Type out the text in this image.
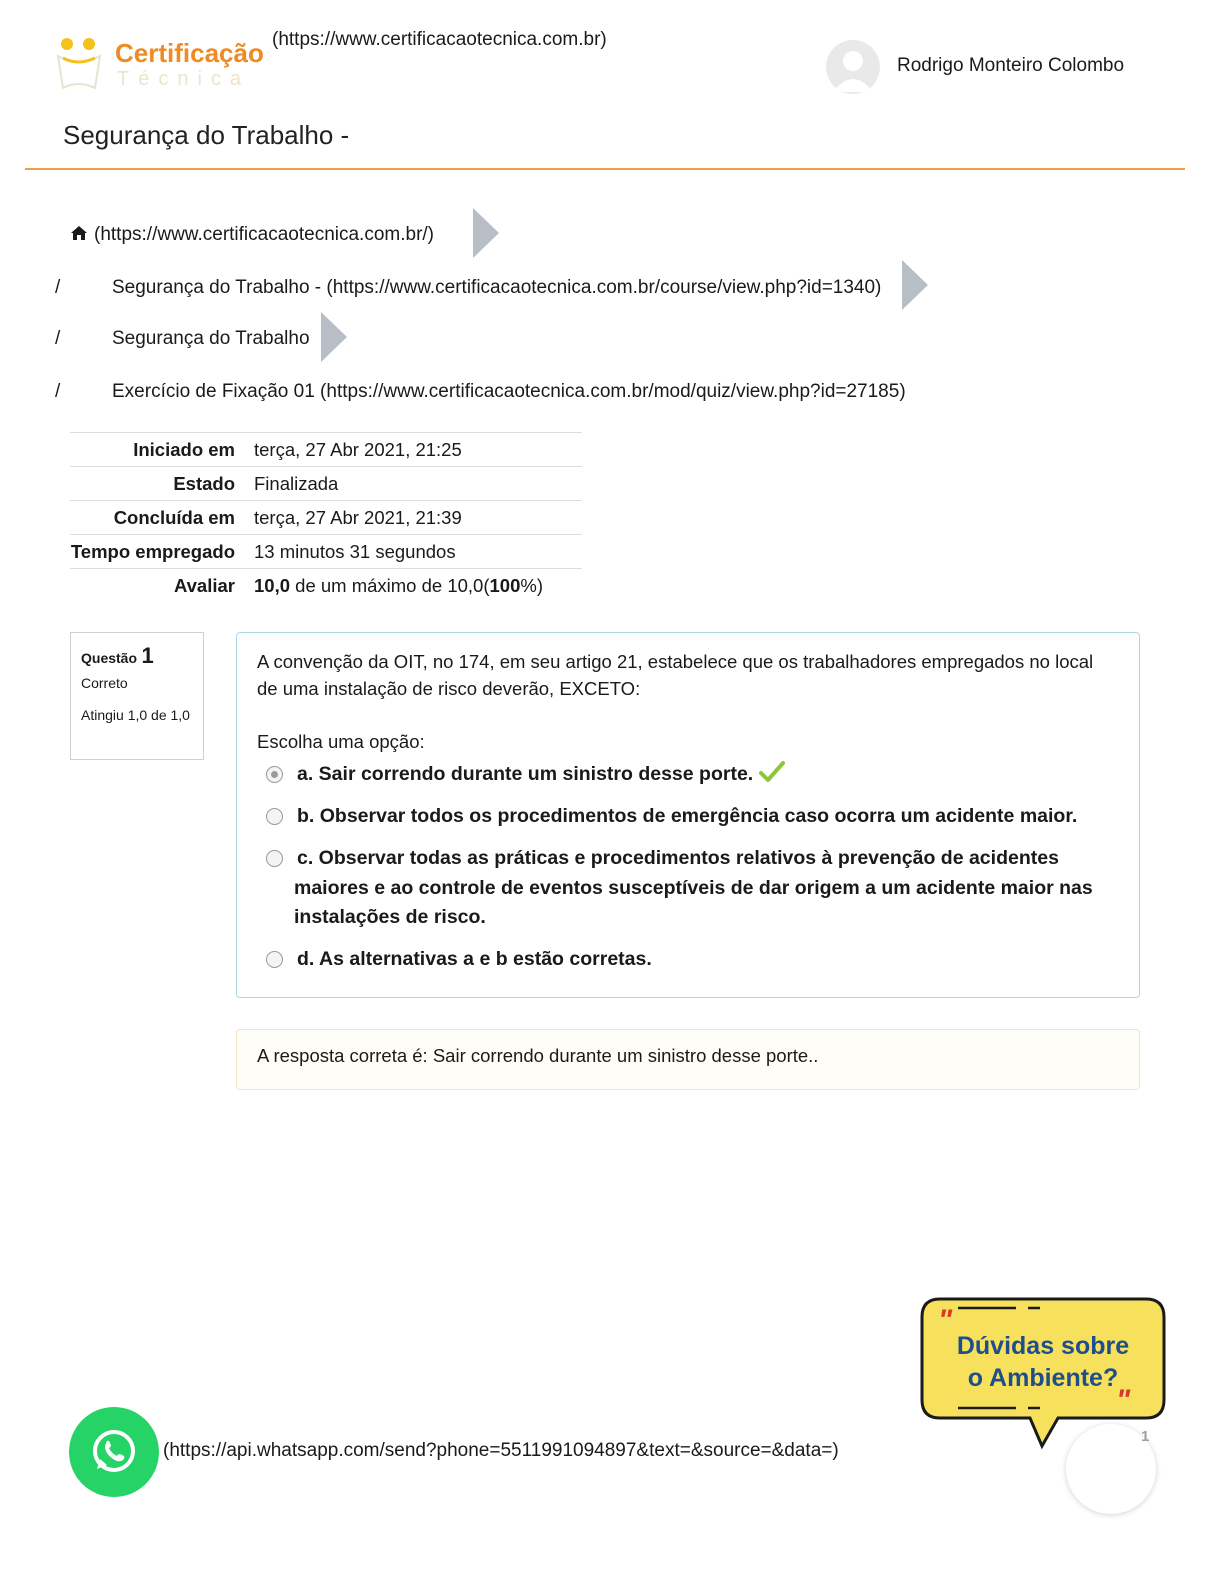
Certificação
Técnica
(https://www.certificacaotecnica.com.br)
Rodrigo Monteiro Colombo
Segurança do Trabalho -
(https://www.certificacaotecnica.com.br/)
/	Segurança do Trabalho - (https://www.certificacaotecnica.com.br/course/view.php?id=1340)
/	Segurança do Trabalho
/	Exercício de Fixação 01 (https://www.certificacaotecnica.com.br/mod/quiz/view.php?id=27185)
Iniciado em	terça, 27 Abr 2021, 21:25
Estado	Finalizada
Concluída em	terça, 27 Abr 2021, 21:39
Tempo empregado	13 minutos 31 segundos
Avaliar	10,0 de um máximo de 10,0(100%)
Questão 1
Correto
Atingiu 1,0 de 1,0
A convenção da OIT, no 174, em seu artigo 21, estabelece que os trabalhadores empregados no local de uma instalação de risco deverão, EXCETO:
Escolha uma opção:
a. Sair correndo durante um sinistro desse porte.
b. Observar todos os procedimentos de emergência caso ocorra um acidente maior.
c. Observar todas as práticas e procedimentos relativos à prevenção de acidentes maiores e ao controle de eventos susceptíveis de dar origem a um acidente maior nas instalações de risco.
d. As alternativas a e b estão corretas.
A resposta correta é: Sair correndo durante um sinistro desse porte..
"
"
Dúvidas sobre
o Ambiente?
1
(https://api.whatsapp.com/send?phone=5511991094897&text=&source=&data=)
